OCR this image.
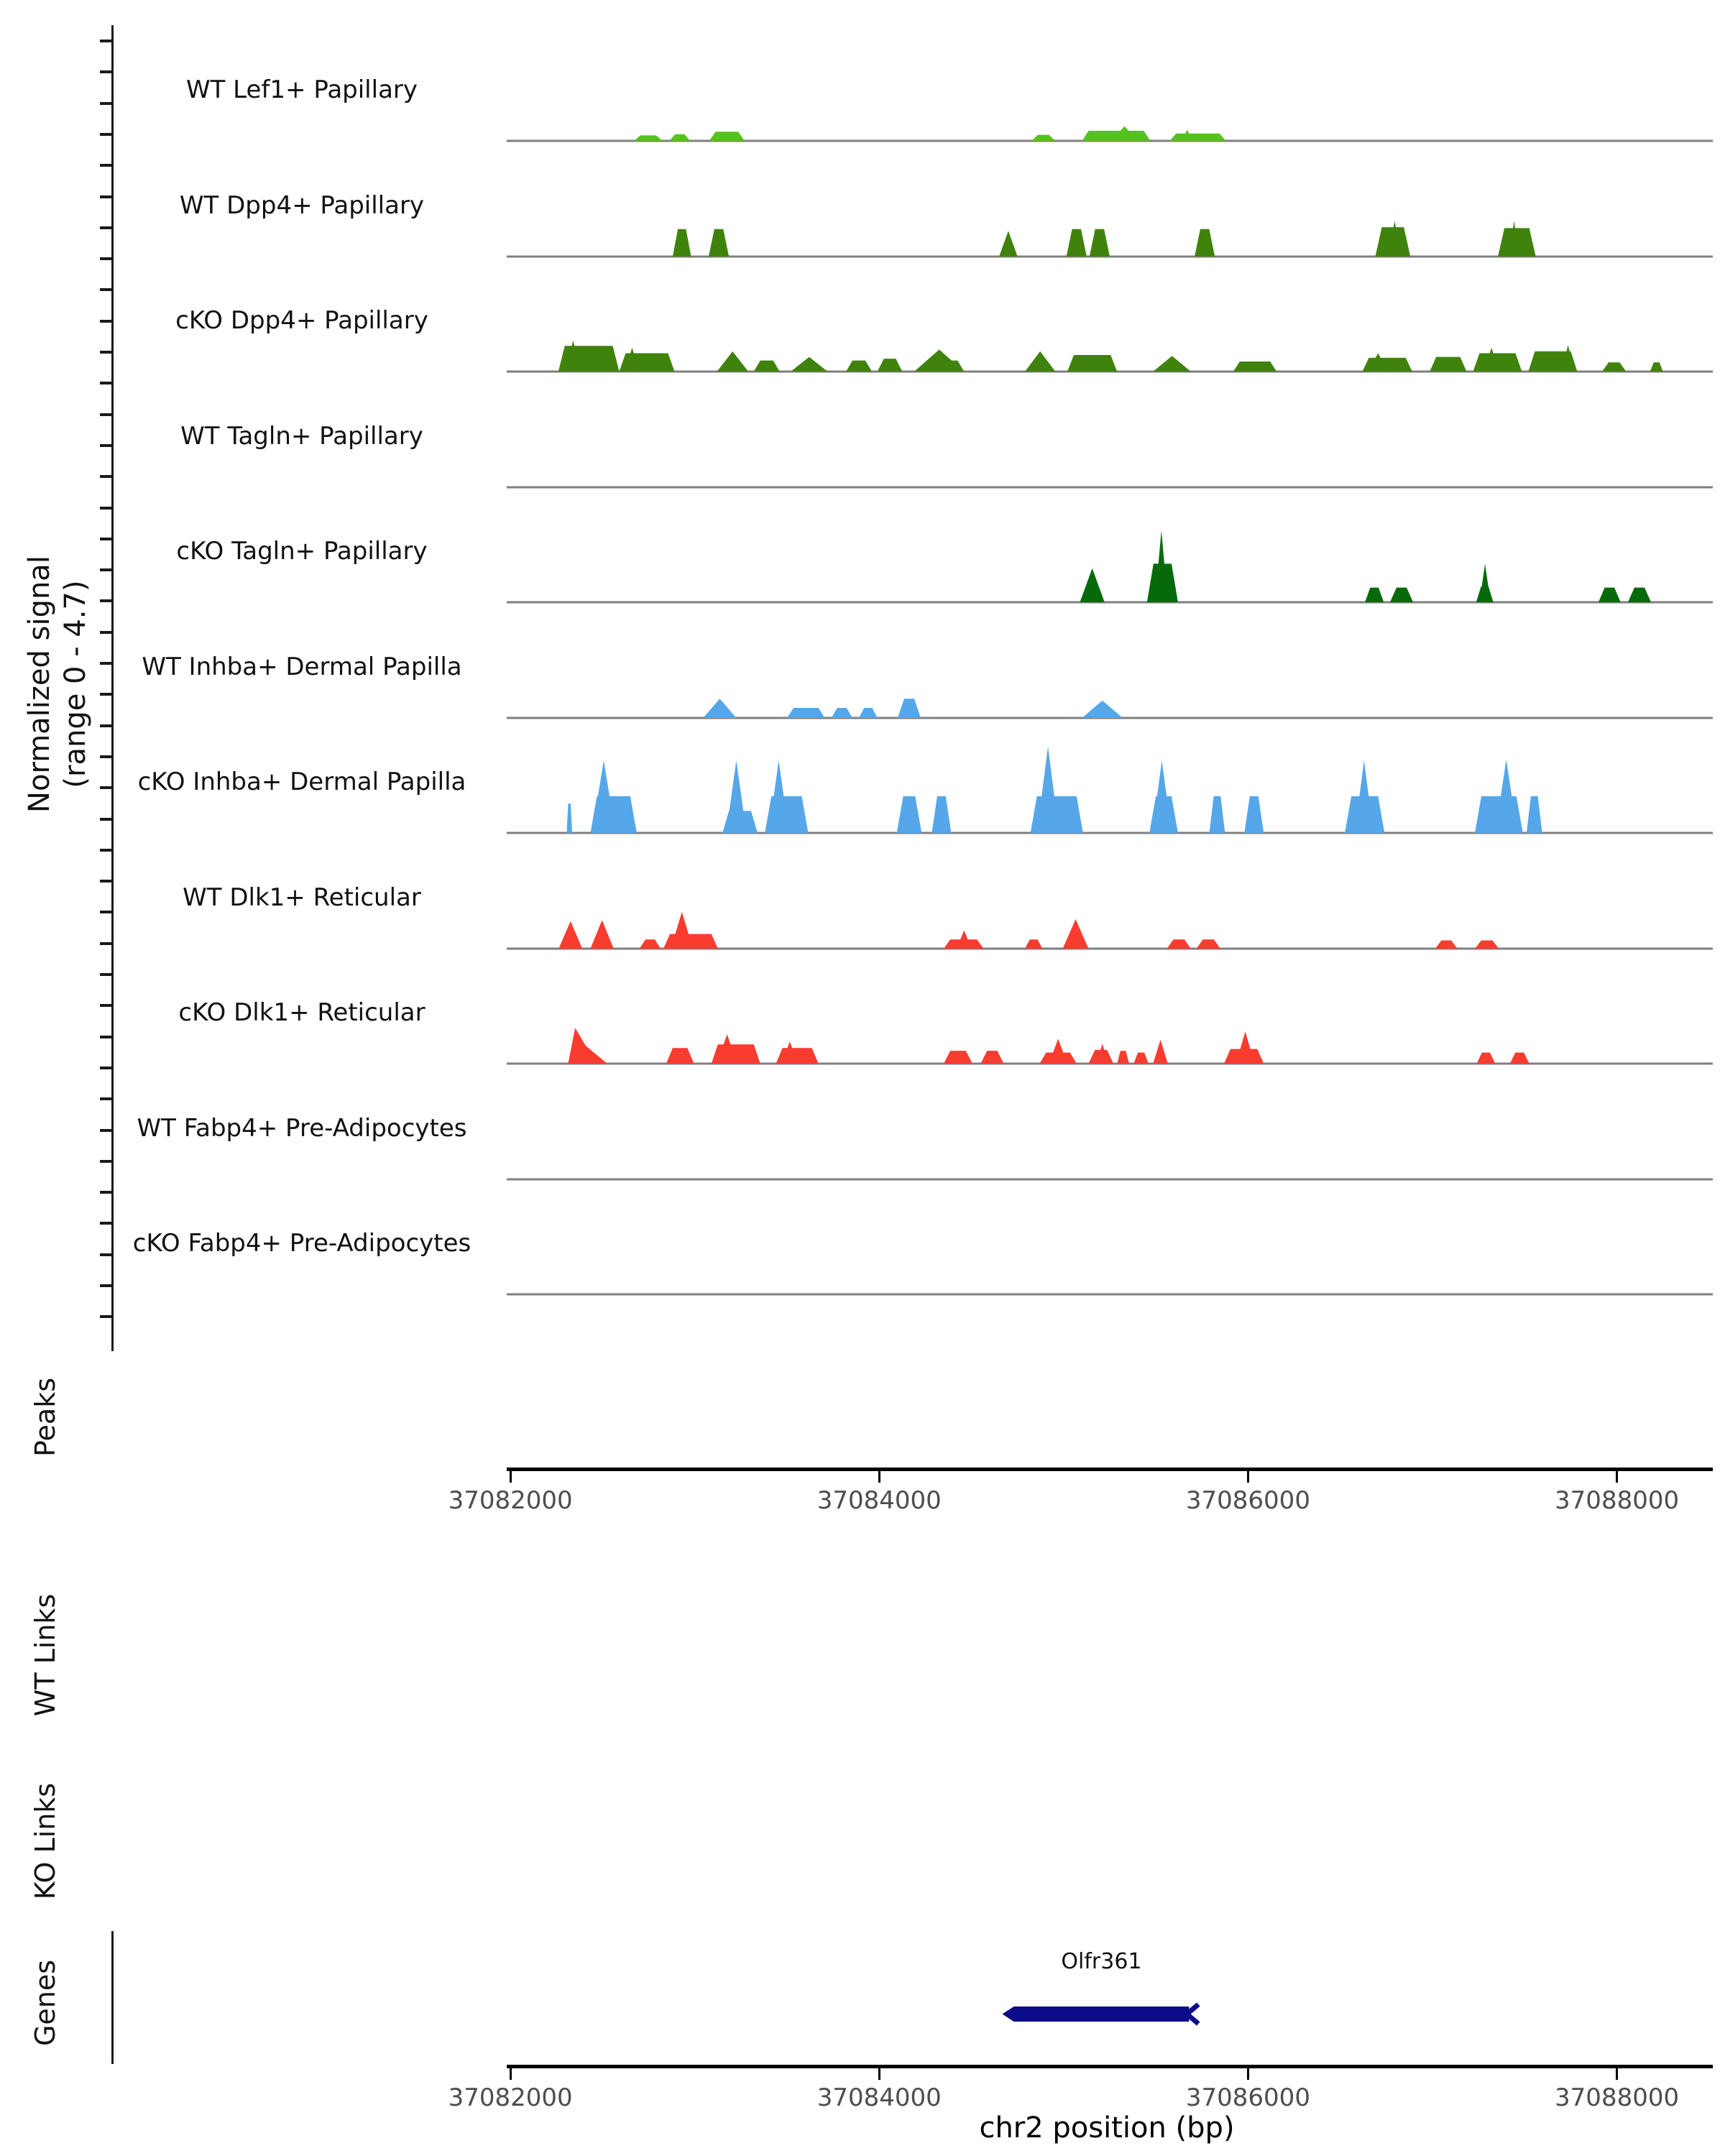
Normalized signal (range 0 - 4.7)
WT Lef1+ Papillary
WT Dpp4+ Papillary
cKO Dpp4+ Papillary
WT Tagln+ Papillary
cKO Tagln+ Papillary
WT Inhba+ Dermal Papilla
cKO Inhba+ Dermal Papilla
WT Dlk1+ Reticular
cKO Dlk1+ Reticular
WT Fabp4+ Pre-Adipocytes
cKO Fabp4+ Pre-Adipocytes
Peaks
WT Links
KO Links
Genes
37082000	37084000	37086000	37088000
Olfr361
37082000	37084000	37086000	37088000
chr2 position (bp)
